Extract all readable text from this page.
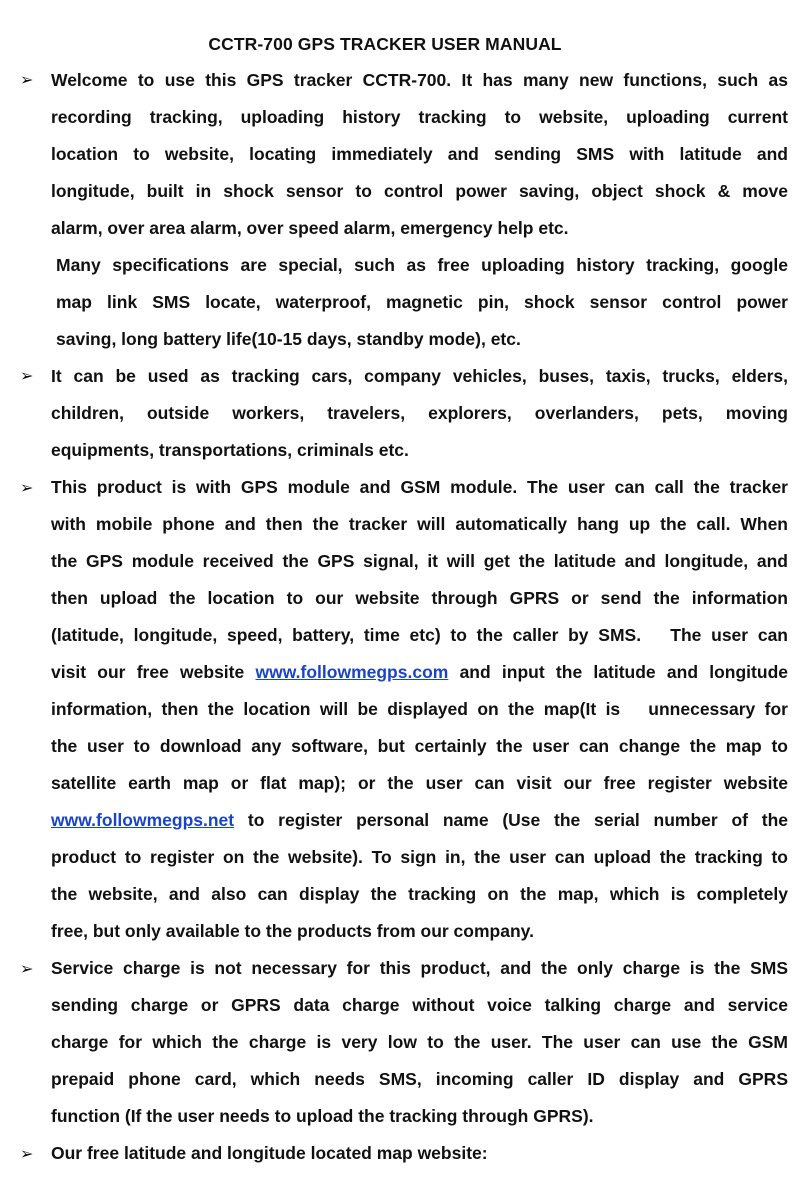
CCTR-700 GPS TRACKER USER MANUAL
➢ Welcome to use this GPS tracker CCTR-700. It has many new functions, such as
recording tracking, uploading history tracking to website, uploading current
location to website, locating immediately and sending SMS with latitude and
longitude, built in shock sensor to control power saving, object shock & move
alarm, over area alarm, over speed alarm, emergency help etc.
Many specifications are special, such as free uploading history tracking, google
map link SMS locate, waterproof, magnetic pin, shock sensor control power
saving, long battery life(10-15 days, standby mode), etc.
➢ It can be used as tracking cars, company vehicles, buses, taxis, trucks, elders,
children, outside workers, travelers, explorers, overlanders, pets, moving
equipments, transportations, criminals etc.
➢ This product is with GPS module and GSM module. The user can call the tracker
with mobile phone and then the tracker will automatically hang up the call. When
the GPS module received the GPS signal, it will get the latitude and longitude, and
then upload the location to our website through GPRS or send the information
(latitude, longitude, speed, battery, time etc) to the caller by SMS.   The user can
visit our free website www.followmegps.com and input the latitude and longitude
information, then the location will be displayed on the map(It is   unnecessary for
the user to download any software, but certainly the user can change the map to
satellite earth map or flat map); or the user can visit our free register website
www.followmegps.net to register personal name (Use the serial number of the
product to register on the website). To sign in, the user can upload the tracking to
the website, and also can display the tracking on the map, which is completely
free, but only available to the products from our company.
➢ Service charge is not necessary for this product, and the only charge is the SMS
sending charge or GPRS data charge without voice talking charge and service
charge for which the charge is very low to the user. The user can use the GSM
prepaid phone card, which needs SMS, incoming caller ID display and GPRS
function (If the user needs to upload the tracking through GPRS).
➢ Our free latitude and longitude located map website:
